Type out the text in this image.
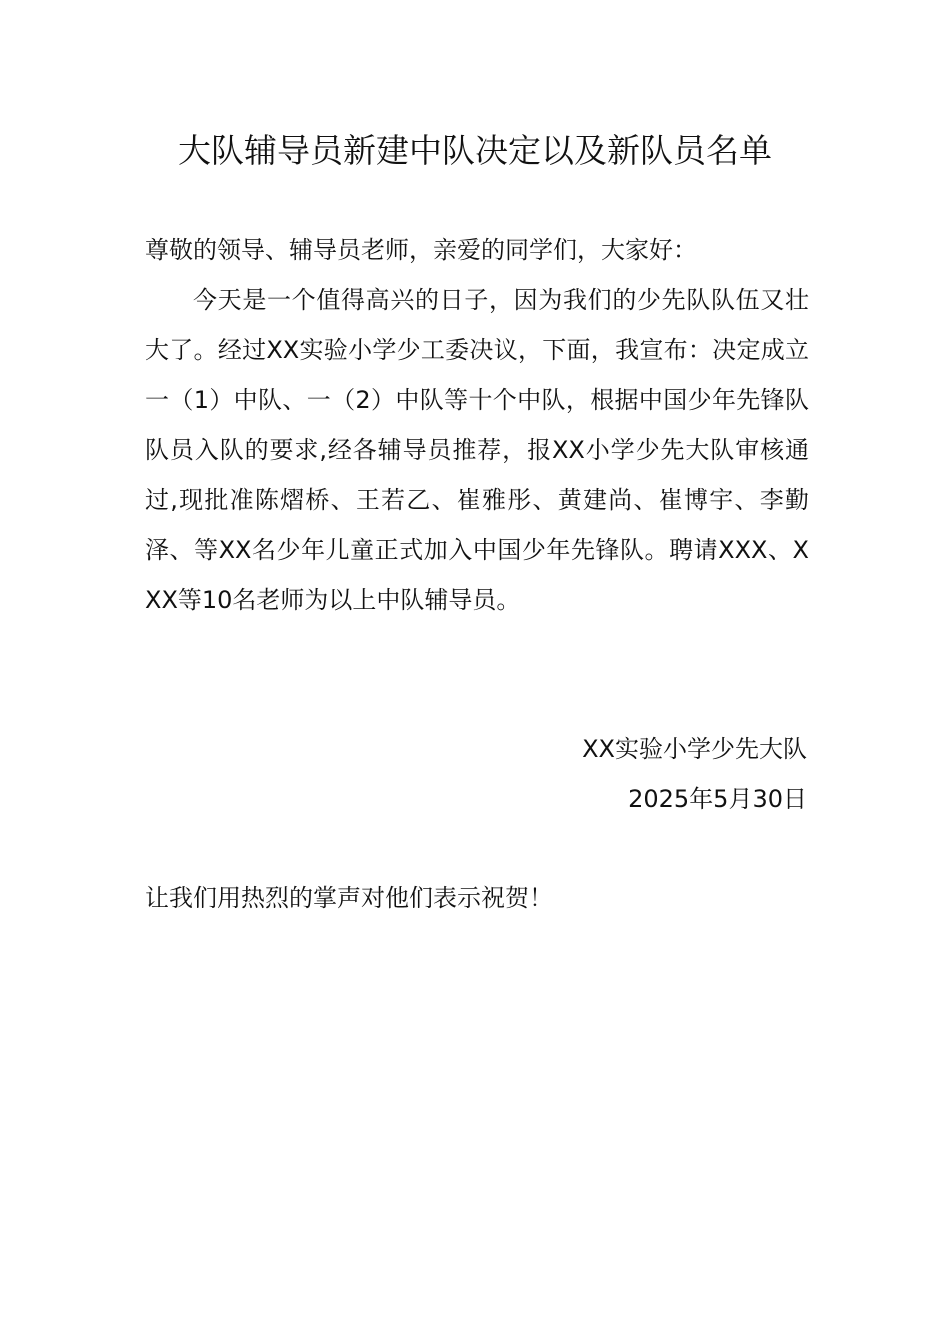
大队辅导员新建中队决定以及新队员名单

尊敬的领导、辅导员老师，亲爱的同学们，大家好：

今天是一个值得高兴的日子，因为我们的少先队队伍又壮大了。经过XX实验小学少工委决议，下面，我宣布：决定成立一（1）中队、一（2）中队等十个中队，根据中国少年先锋队队员入队的要求,经各辅导员推荐，报XX小学少先大队审核通过,现批准陈熠桥、王若乙、崔雅彤、黄建尚、崔博宇、李勤泽、等XX名少年儿童正式加入中国少年先锋队。聘请XXX、XXX等10名老师为以上中队辅导员。

XX实验小学少先大队

2025年5月30日

让我们用热烈的掌声对他们表示祝贺！
